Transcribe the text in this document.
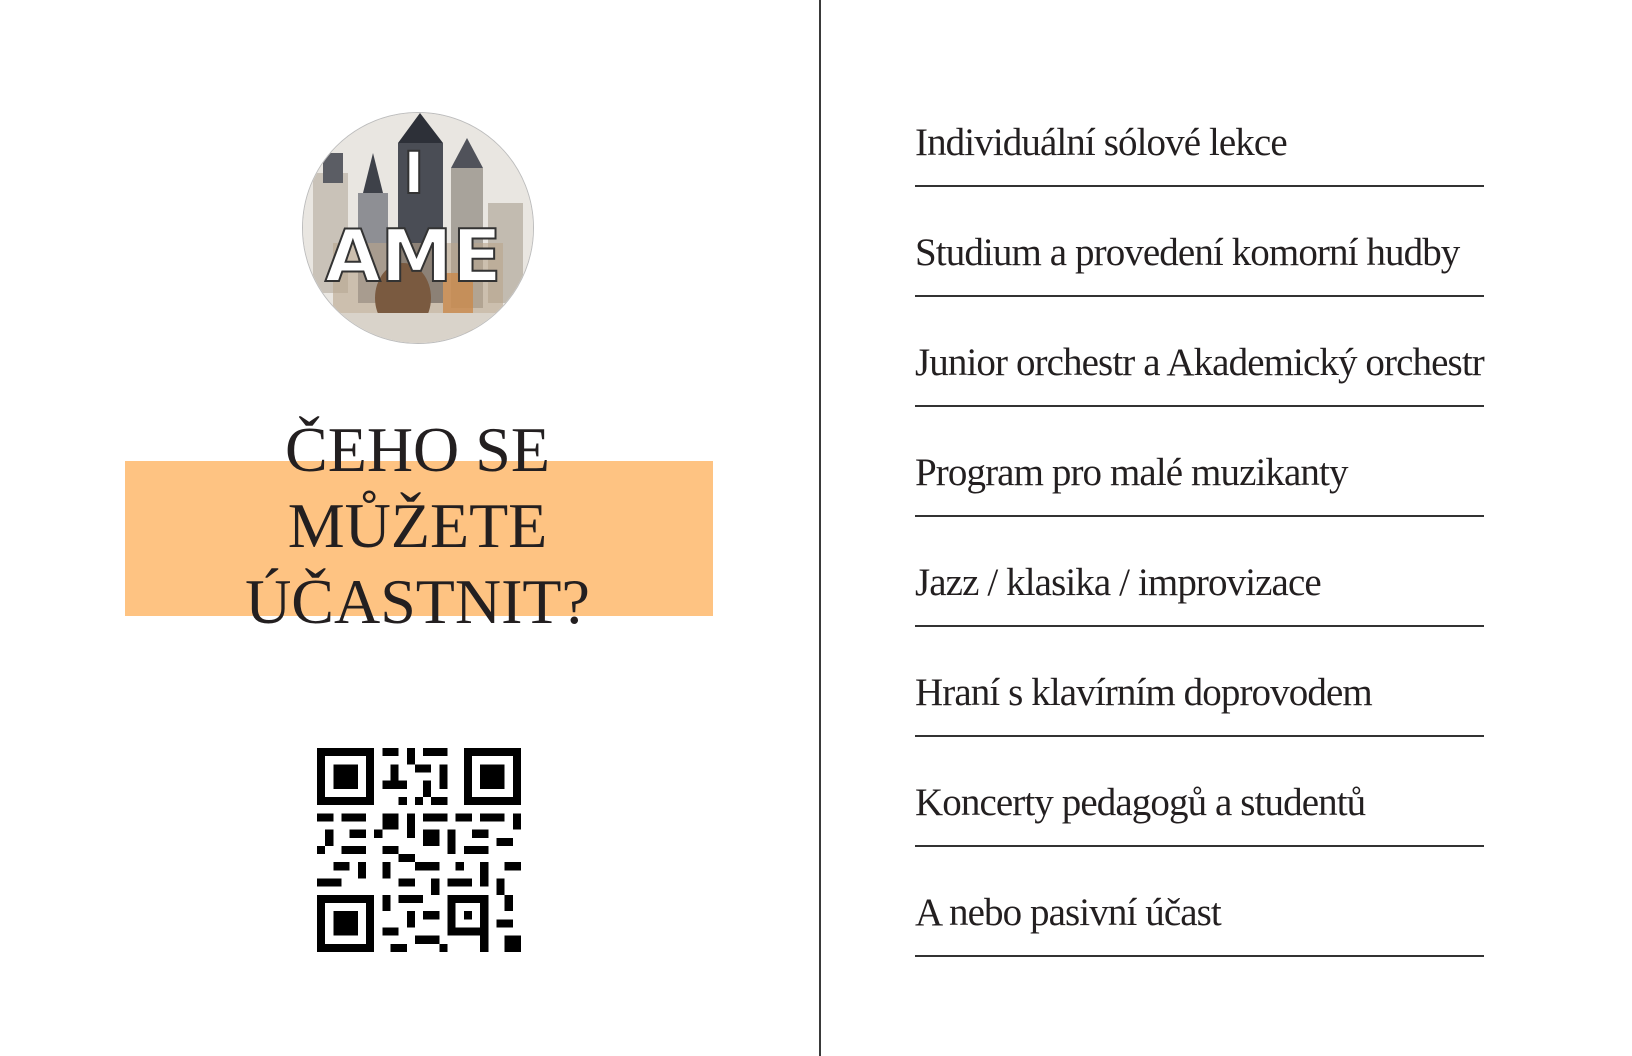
I
AME
ČEHO SE
MŮŽETE
ÚČASTNIT?
Individuální sólové lekce
Studium a provedení komorní hudby
Junior orchestr a Akademický orchestr
Program pro malé muzikanty
Jazz / klasika / improvizace
Hraní s klavírním doprovodem
Koncerty pedagogů a studentů
A nebo pasivní účast
